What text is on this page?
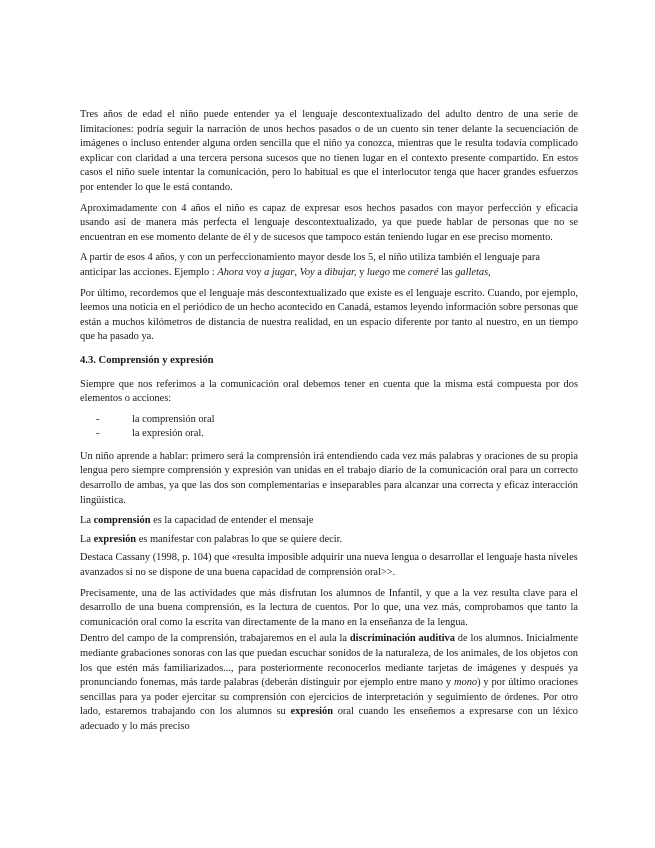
Tres años de edad el niño puede entender ya el lenguaje descontextualizado del adulto dentro de una serie de limitaciones: podría seguir la narración de unos hechos pasados o de un cuento sin tener delante la secuenciación de imágenes o incluso entender alguna orden sencilla que el niño ya conozca, mientras que le resulta todavía complicado explicar con claridad a una tercera persona sucesos que no tienen lugar en el contexto presente compartido. En estos casos el niño suele intentar la comunicación, pero lo habitual es que el interlocutor tenga que hacer grandes esfuerzos por entender lo que le está contando.

Aproximadamente con 4 años el niño es capaz de expresar esos hechos pasados con mayor perfección y eficacia usando así de manera más perfecta el lenguaje descontextualizado, ya que puede hablar de personas que no se encuentran en ese momento delante de él y de sucesos que tampoco están teniendo lugar en ese preciso momento.

A partir de esos 4 años, y con un perfeccionamiento mayor desde los 5, el niño utiliza también el lenguaje para anticipar las acciones. Ejemplo : Ahora voy a jugar, Voy a dibujar, y luego me comeré las galletas,

Por último, recordemos que el lenguaje más descontextualizado que existe es el lenguaje escrito. Cuando, por ejemplo, leemos una noticia en el periódico de un hecho acontecido en Canadá, estamos leyendo información sobre personas que están a muchos kilómetros de distancia de nuestra realidad, en un espacio diferente por tanto al nuestro, en un tiempo que ha pasado ya.

4.3. Comprensión y expresión

Siempre que nos referimos a la comunicación oral debemos tener en cuenta que la misma está compuesta por dos elementos o acciones:

-	la comprensión oral
-	la expresión oral.

Un niño aprende a hablar: primero será la comprensión irá entendiendo cada vez más palabras y oraciones de su propia lengua pero siempre comprensión y expresión van unidas en el trabajo diario de la comunicación oral para un correcto desarrollo de ambas, ya que las dos son complementarias e inseparables para alcanzar una correcta y eficaz interacción lingüística.

La comprensión es la capacidad de entender el mensaje

La expresión es manifestar con palabras lo que se quiere decir.

Destaca Cassany (1998, p. 104) que «resulta imposible adquirir una nueva lengua o desarrollar el lenguaje hasta niveles avanzados si no se dispone de una buena capacidad de comprensión oral>>.

Precisamente, una de las actividades que más disfrutan los alumnos de Infantil, y que a la vez resulta clave para el desarrollo de una buena comprensión, es la lectura de cuentos. Por lo que, una vez más, comprobamos que tanto la comunicación oral como la escrita van directamente de la mano en la enseñanza de la lengua.

Dentro del campo de la comprensión, trabajaremos en el aula la discriminación auditiva de los alumnos. Inicialmente mediante grabaciones sonoras con las que puedan escuchar sonidos de la naturaleza, de los animales, de los objetos con los que estén más familiarizados..., para posteriormente reconocerlos mediante tarjetas de imágenes y después ya pronunciando fonemas, más tarde palabras (deberán distinguir por ejemplo entre mano y mono) y por último oraciones sencillas para ya poder ejercitar su comprensión con ejercicios de interpretación y seguimiento de órdenes. Por otro lado, estaremos trabajando con los alumnos su expresión oral cuando les enseñemos a expresarse con un léxico adecuado y lo más preciso
